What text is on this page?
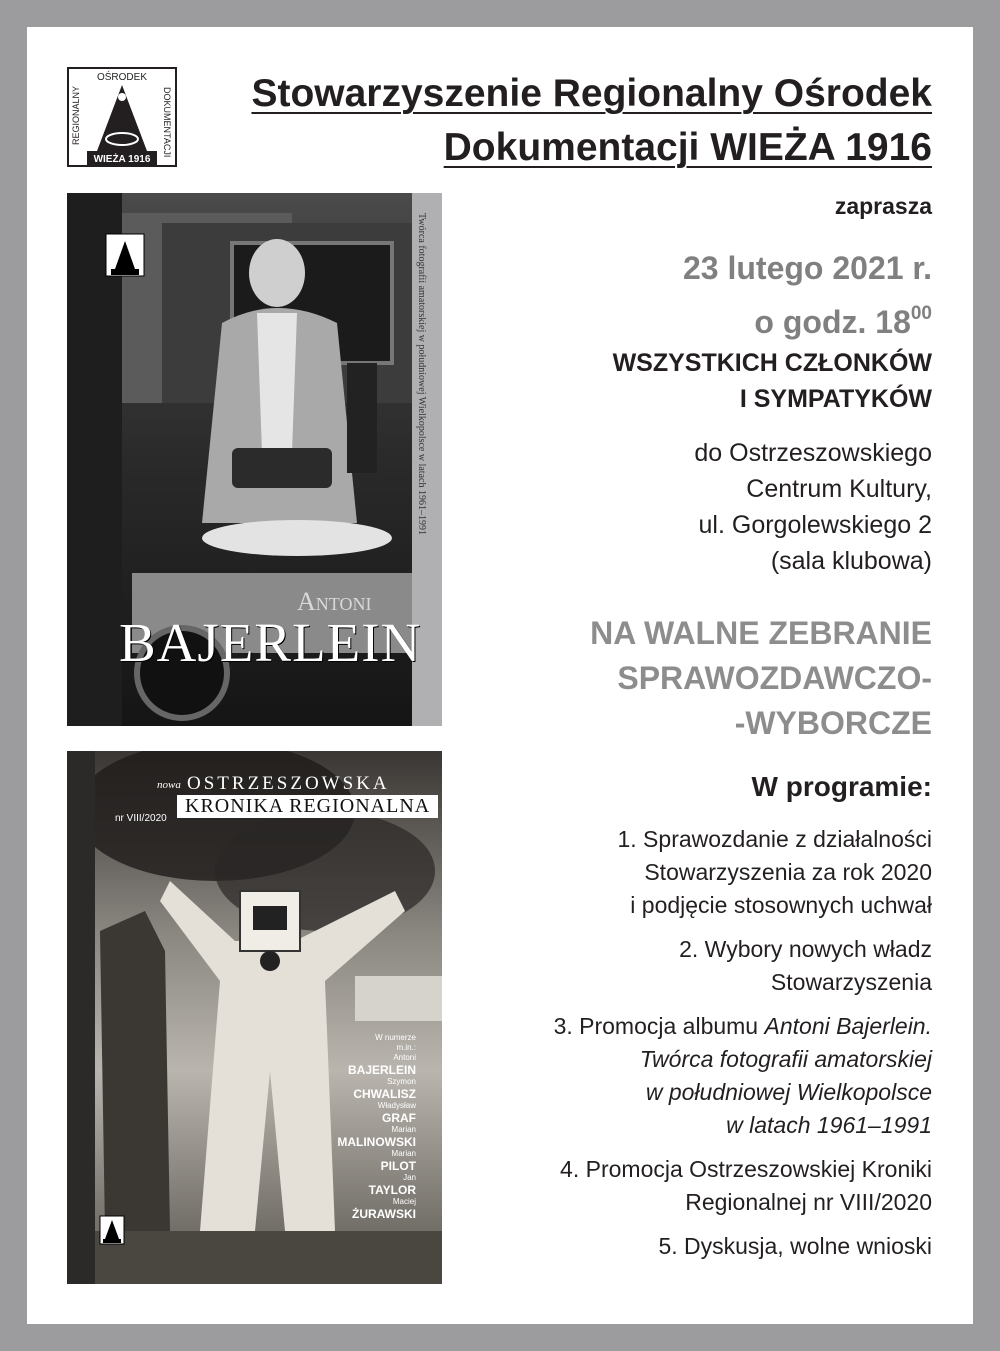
OŚRODEK
REGIONALNY	DOKUMENTACJI
WIEŻA 1916
Stowarzyszenie Regionalny Ośrodek
Dokumentacji WIEŻA 1916
Twórca fotografii amatorskiej w południowej Wielkopolsce w latach 1961–1991
Antoni
BAJERLEIN
nowa OSTRZESZOWSKA
KRONIKA REGIONALNA
nr VIII/2020
W numerze
m.in.:
Antoni
BAJERLEIN
Szymon
CHWALISZ
Władysław
GRAF
Marian
MALINOWSKI
Marian
PILOT
Jan
TAYLOR
Maciej
ŻURAWSKI
zaprasza
23 lutego 2021 r.
o godz. $18^{00}$
WSZYSTKICH CZŁONKÓW
I SYMPATYKÓW
do Ostrzeszowskiego
Centrum Kultury,
ul. Gorgolewskiego 2
(sala klubowa)
NA WALNE ZEBRANIE
SPRAWOZDAWCZO-
-WYBORCZE
W programie:
1. Sprawozdanie z działalności
Stowarzyszenia za rok 2020
i podjęcie stosownych uchwał
2. Wybory nowych władz
Stowarzyszenia
3. Promocja albumu Antoni Bajerlein.
Twórca fotografii amatorskiej
w południowej Wielkopolsce
w latach 1961–1991
4. Promocja Ostrzeszowskiej Kroniki
Regionalnej nr VIII/2020
5. Dyskusja, wolne wnioski
